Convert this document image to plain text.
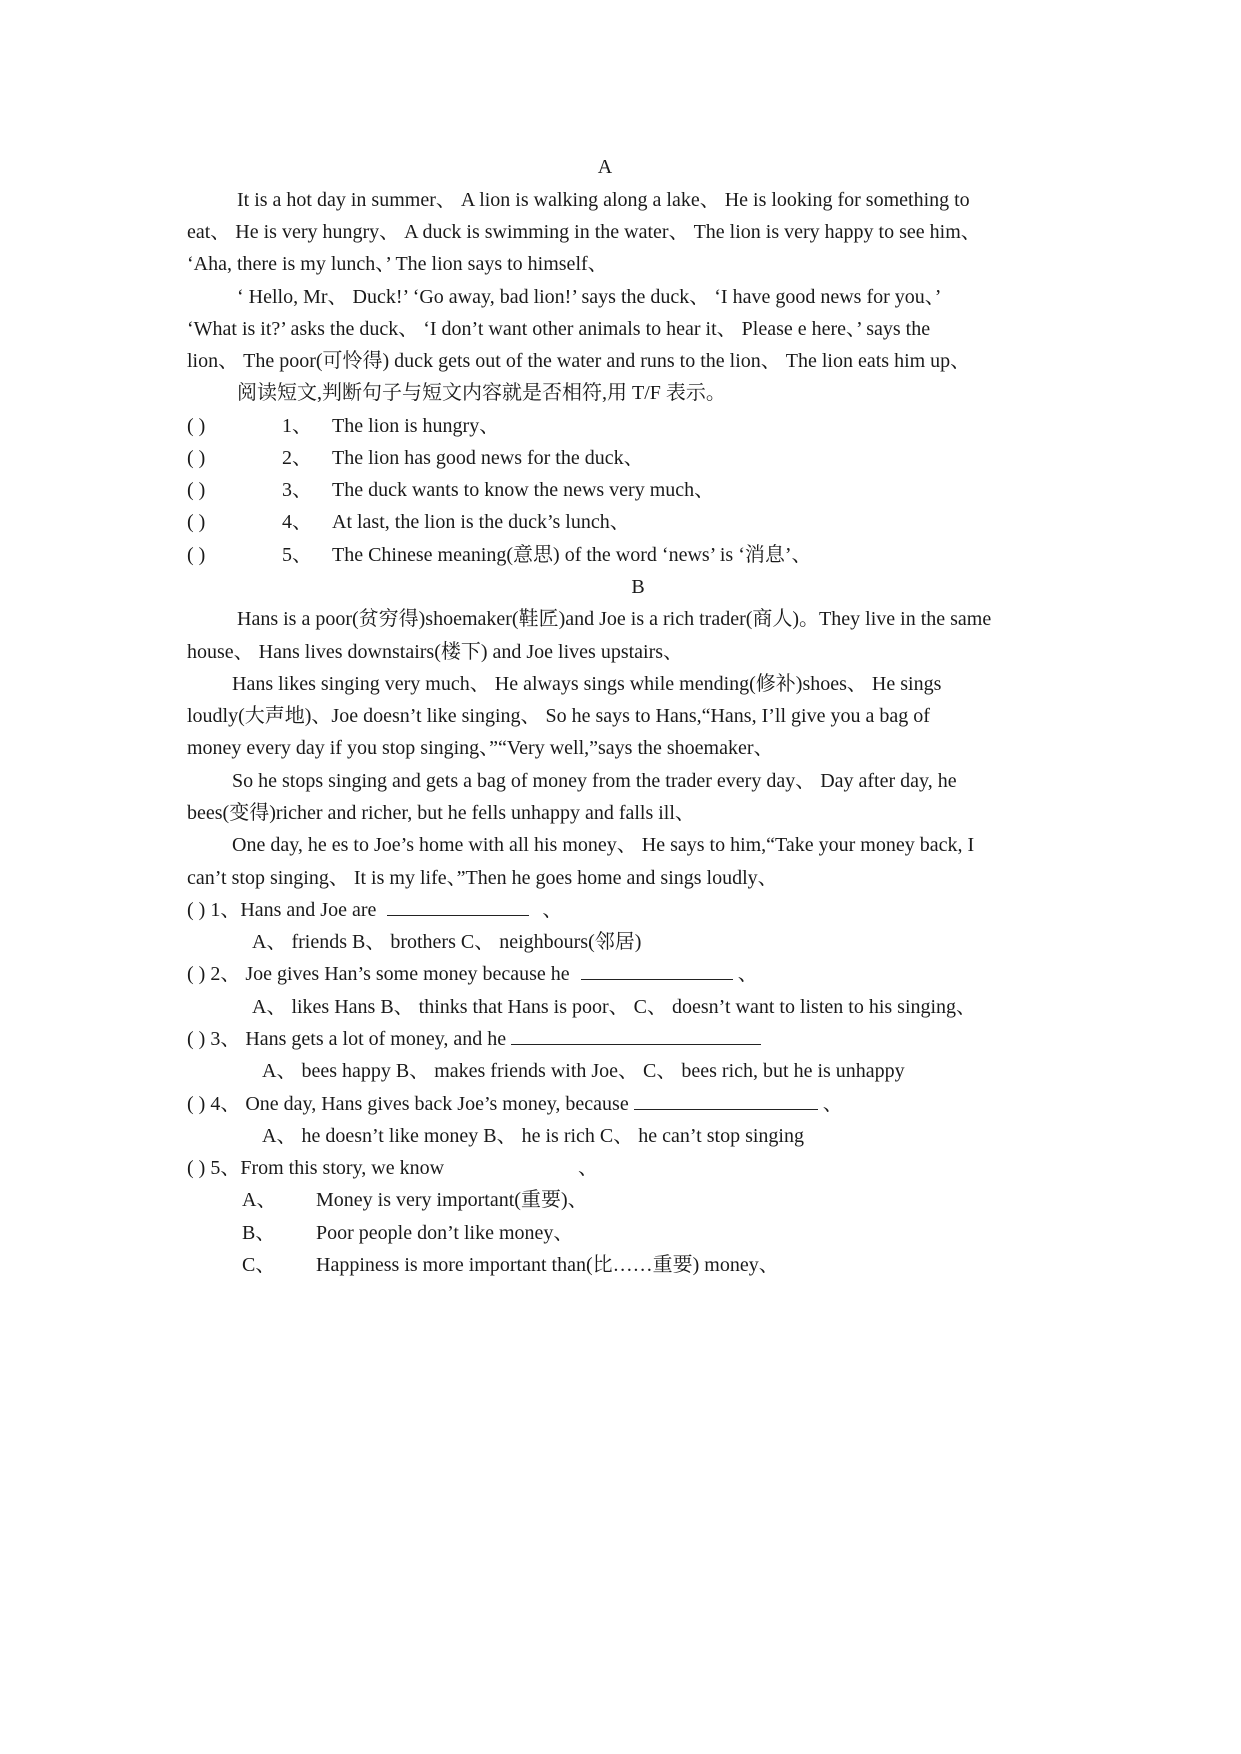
A
It is a hot day in summer、 A lion is walking along a lake、 He is looking for something to
eat、 He is very hungry、 A duck is swimming in the water、 The lion is very happy to see him、
‘Aha, there is my lunch、’ The lion says to himself、
‘ Hello, Mr、 Duck!’ ‘Go away, bad lion!’ says the duck、 ‘I have good news for you、’
‘What is it?’ asks the duck、 ‘I don’t want other animals to hear it、 Please e here、’ says the
lion、 The poor(可怜得) duck gets out of the water and runs to the lion、 The lion eats him up、
阅读短文,判断句子与短文内容就是否相符,用 T/F 表示。
( )	1、 The lion is hungry、
( )	2、 The lion has good news for the duck、
( )	3、 The duck wants to know the news very much、
( )	4、 At last, the lion is the duck’s lunch、
( )	5、 The Chinese meaning(意思) of the word ‘news’ is ‘消息’、
B
Hans is a poor(贫穷得)shoemaker(鞋匠)and Joe is a rich trader(商人)。They live in the same
house、 Hans lives downstairs(楼下) and Joe lives upstairs、
Hans likes singing very much、 He always sings while mending(修补)shoes、 He sings
loudly(大声地)、Joe doesn’t like singing、 So he says to Hans,“Hans, I’ll give you a bag of
money every day if you stop singing、”“Very well,”says the shoemaker、
So he stops singing and gets a bag of money from the trader every day、 Day after day, he
bees(变得)richer and richer, but he fells unhappy and falls ill、
One day, he es to Joe’s home with all his money、 He says to him,“Take your money back, I
can’t stop singing、 It is my life、”Then he goes home and sings loudly、
( ) 1、Hans and Joe are	、
A、 friends B、 brothers C、 neighbours(邻居)
( ) 2、 Joe gives Han’s some money because he	、
A、 likes Hans B、 thinks that Hans is poor、 C、 doesn’t want to listen to his singing、
( ) 3、 Hans gets a lot of money, and he
A、 bees happy B、 makes friends with Joe、 C、 bees rich, but he is unhappy
( ) 4、 One day, Hans gives back Joe’s money, because	、
A、 he doesn’t like money B、 he is rich C、 he can’t stop singing
( ) 5、From this story, we know	、
A、 Money is very important(重要)、
B、 Poor people don’t like money、
C、 Happiness is more important than(比……重要) money、
